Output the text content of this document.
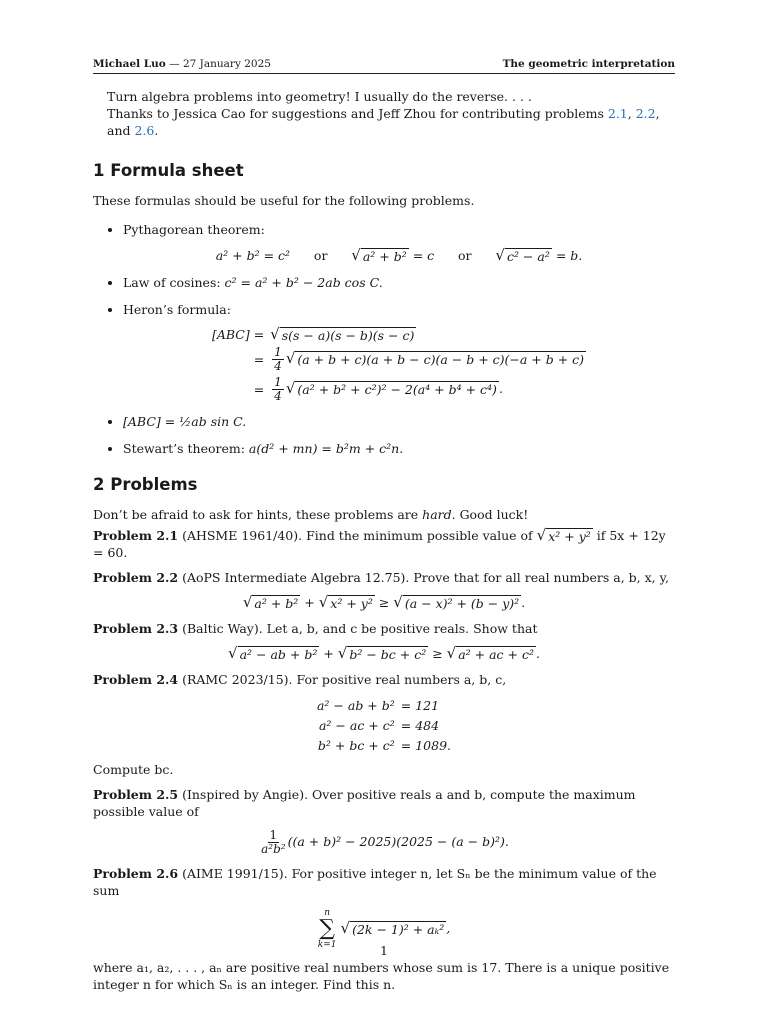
Michael Luo — 27 January 2025	The geometric interpretation

Turn algebra problems into geometry! I usually do the reverse. . . .

Thanks to Jessica Cao for suggestions and Jeff Zhou for contributing problems 2.1, 2.2, and 2.6.

1 Formula sheet

These formulas should be useful for the following problems.

• Pythagorean theorem:
a² + b² = c² or √ a² + b² = c or √ c² − a² = b.
• Law of cosines: c² = a² + b² − 2ab cos C.
• Heron’s formula:
[ABC] = √ s(s − a)(s − b)(s − c)
= $\frac{1}{4}$ √ (a + b + c)(a + b − c)(a − b + c)(−a + b + c)
= $\frac{1}{4}$ √ (a² + b² + c²)² − 2(a⁴ + b⁴ + c⁴) .
• [ABC] = ½ab sin C.
• Stewart’s theorem: a(d² + mn) = b²m + c²n.
2 Problems

Don’t be afraid to ask for hints, these problems are hard. Good luck!

Problem 2.1 (AHSME 1961/40). Find the minimum possible value of √ x² + y² if 5x + 12y = 60.

Problem 2.2 (AoPS Intermediate Algebra 12.75). Prove that for all real numbers a, b, x, y,

√ a² + b² + √ x² + y² ≥ √ (a − x)² + (b − y)² .

Problem 2.3 (Baltic Way). Let a, b, and c be positive reals. Show that

√ a² − ab + b² + √ b² − bc + c² ≥ √ a² + ac + c² .

Problem 2.4 (RAMC 2023/15). For positive real numbers a, b, c,

a² − ab + b² = 121
a² − ac + c² = 484
b² + bc + c² = 1089.

Compute bc.

Problem 2.5 (Inspired by Angie). Over positive reals a and b, compute the maximum possible value of

$\frac{1}{\text{a²b²}} ((a + b)^2 - 2025)(2025 - (a - b)^2)$.

Problem 2.6 (AIME 1991/15). For positive integer n, let Sₙ be the minimum value of the sum

n
∑
k=1
√ (2k − 1)² + aₖ² ,

where a₁, a₂, . . . , aₙ are positive real numbers whose sum is 17. There is a unique positive integer n for which Sₙ is an integer. Find this n.

1
